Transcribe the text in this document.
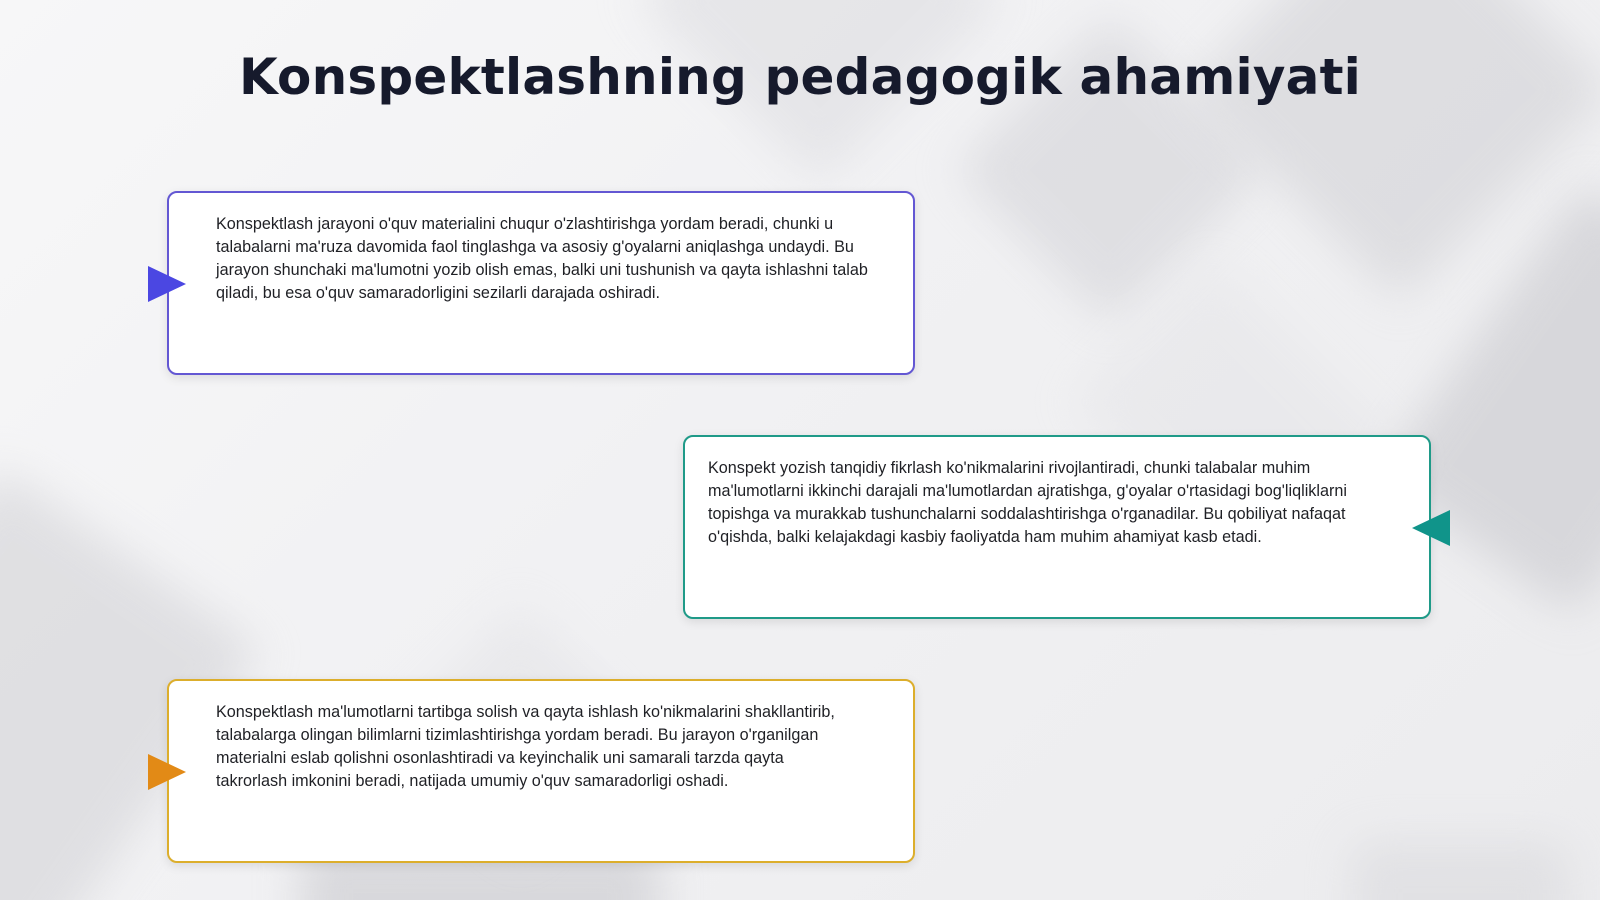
Konspektlashning pedagogik ahamiyati

Konspektlash jarayoni o'quv materialini chuqur o'zlashtirishga yordam beradi, chunki u talabalarni ma'ruza davomida faol tinglashga va asosiy g'oyalarni aniqlashga undaydi. Bu jarayon shunchaki ma'lumotni yozib olish emas, balki uni tushunish va qayta ishlashni talab qiladi, bu esa o'quv samaradorligini sezilarli darajada oshiradi.

Konspekt yozish tanqidiy fikrlash ko'nikmalarini rivojlantiradi, chunki talabalar muhim ma'lumotlarni ikkinchi darajali ma'lumotlardan ajratishga, g'oyalar o'rtasidagi bog'liqliklarni topishga va murakkab tushunchalarni soddalashtirishga o'rganadilar. Bu qobiliyat nafaqat o'qishda, balki kelajakdagi kasbiy faoliyatda ham muhim ahamiyat kasb etadi.

Konspektlash ma'lumotlarni tartibga solish va qayta ishlash ko'nikmalarini shakllantirib, talabalarga olingan bilimlarni tizimlashtirishga yordam beradi. Bu jarayon o'rganilgan materialni eslab qolishni osonlashtiradi va keyinchalik uni samarali tarzda qayta takrorlash imkonini beradi, natijada umumiy o'quv samaradorligi oshadi.
